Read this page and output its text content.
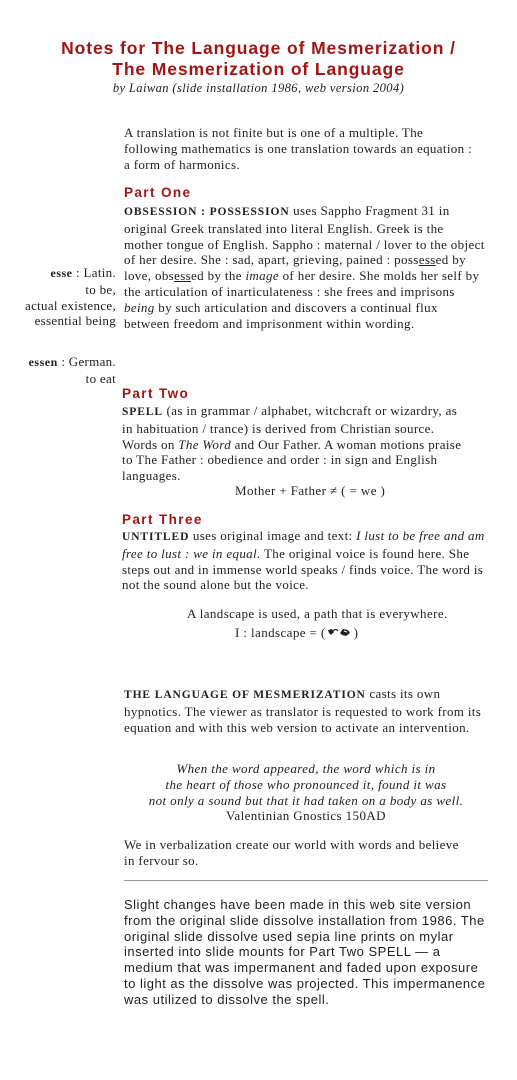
Notes for The Language of Mesmerization /
The Mesmerization of Language
by Laiwan (slide installation 1986, web version 2004)
A translation is not finite but is one of a multiple. The following mathematics is one translation towards an equation : a form of harmonics.
Part One
OBSESSION : POSSESSION uses Sappho Fragment 31 in original Greek translated into literal English. Greek is the mother tongue of English. Sappho : maternal / lover to the object of her desire. She : sad, apart, grieving, pained : possessed by love, obsessed by the image of her desire. She molds her self by the articulation of inarticulateness : she frees and imprisons being by such articulation and discovers a continual flux between freedom and imprisonment within wording.
esse : Latin.
to be,
actual existence,
essential being
essen : German.
to eat
Part Two
SPELL (as in grammar / alphabet, witchcraft or wizardry, as in habituation / trance) is derived from Christian source. Words on The Word and Our Father. A woman motions praise to The Father : obedience and order : in sign and English languages.
Mother + Father ≠ ( = we )
Part Three
UNTITLED uses original image and text: I lust to be free and am free to lust : we in equal. The original voice is found here. She steps out and in immense world speaks / finds voice. The word is not the sound alone but the voice.
A landscape is used, a path that is everywhere.
I : landscape = ( )
THE LANGUAGE OF MESMERIZATION casts its own hypnotics. The viewer as translator is requested to work from its equation and with this web version to activate an intervention.
When the word appeared, the word which is in
the heart of those who pronounced it, found it was
not only a sound but that it had taken on a body as well.
Valentinian Gnostics 150AD
We in verbalization create our world with words and believe in fervour so.
Slight changes have been made in this web site version from the original slide dissolve installation from 1986. The original slide dissolve used sepia line prints on mylar inserted into slide mounts for Part Two SPELL — a medium that was impermanent and faded upon exposure to light as the dissolve was projected. This impermanence was utilized to dissolve the spell.
